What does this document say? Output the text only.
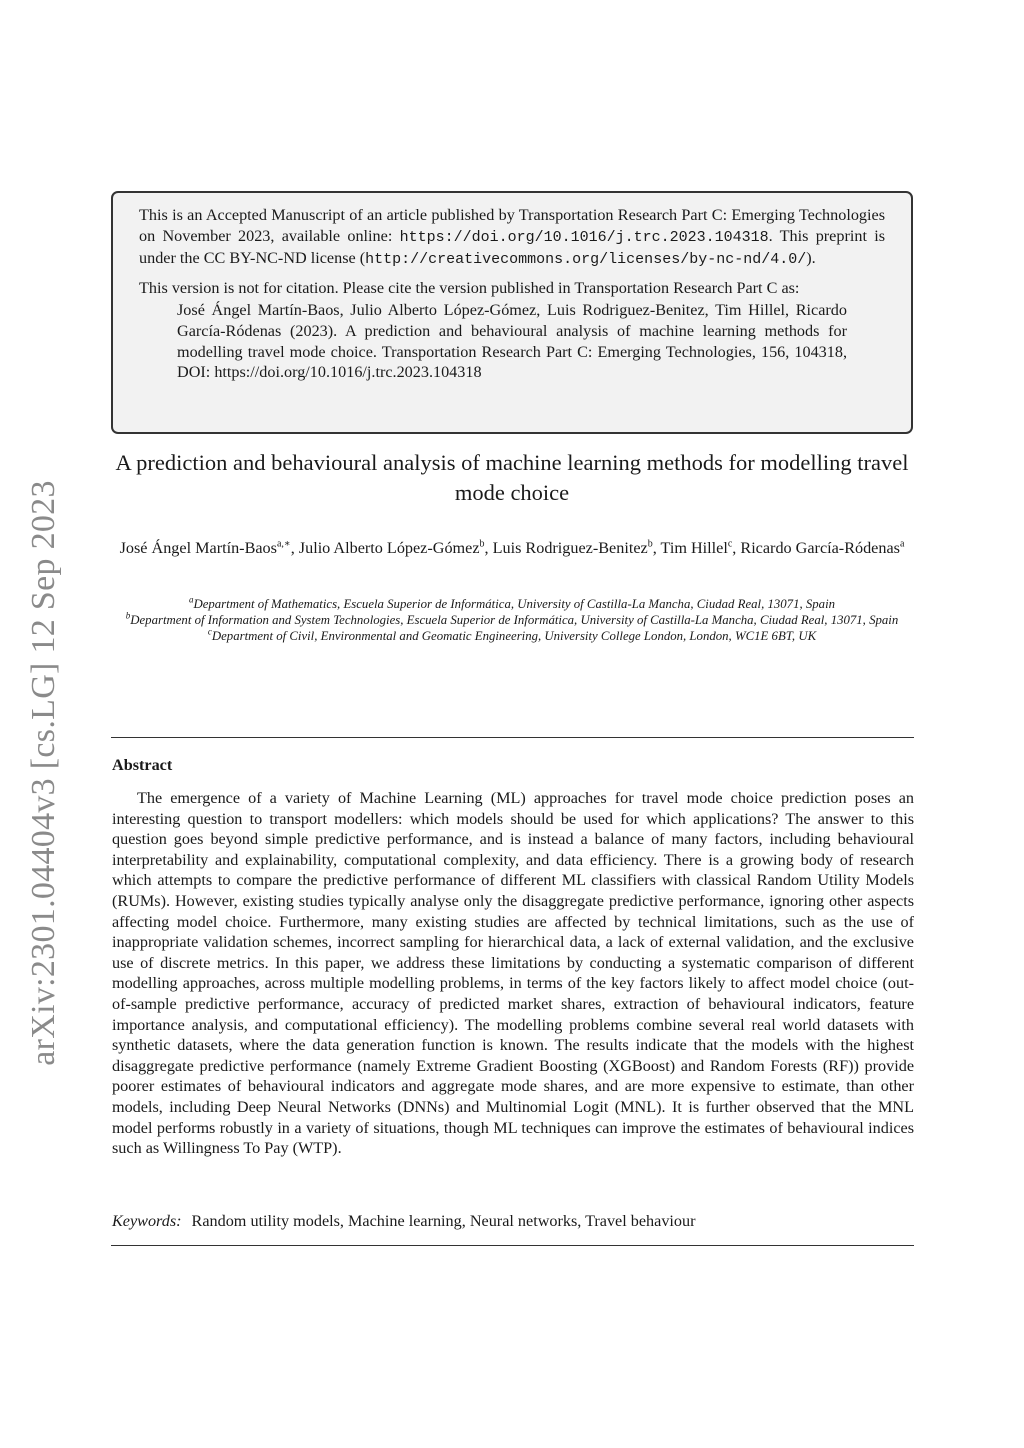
arXiv:2301.04404v3 [cs.LG] 12 Sep 2023

This is an Accepted Manuscript of an article published by Transportation Research Part C: Emerging Technologies on November 2023, available online: https://doi.org/10.1016/j.trc.2023.104318. This preprint is under the CC BY-NC-ND license (http://creativecommons.org/licenses/by-nc-nd/4.0/).

This version is not for citation. Please cite the version published in Transportation Research Part C as:

José Ángel Martín-Baos, Julio Alberto López-Gómez, Luis Rodriguez-Benitez, Tim Hillel, Ricardo García-Ródenas (2023). A prediction and behavioural analysis of machine learning methods for modelling travel mode choice. Transportation Research Part C: Emerging Technologies, 156, 104318, DOI: https://doi.org/10.1016/j.trc.2023.104318

A prediction and behavioural analysis of machine learning methods for modelling travel mode choice
José Ángel Martín-Baos$^{a,∗}$, Julio Alberto López-Gómez$^b$, Luis Rodriguez-Benitez$^b$, Tim Hillel$^c$, Ricardo García-Ródenas$^a$

$^a$Department of Mathematics, Escuela Superior de Informática, University of Castilla-La Mancha, Ciudad Real, 13071, Spain

$^b$Department of Information and System Technologies, Escuela Superior de Informática, University of Castilla-La Mancha, Ciudad Real, 13071, Spain

$^c$Department of Civil, Environmental and Geomatic Engineering, University College London, London, WC1E 6BT, UK

Abstract

The emergence of a variety of Machine Learning (ML) approaches for travel mode choice prediction poses an interesting question to transport modellers: which models should be used for which applications? The answer to this question goes beyond simple predictive performance, and is instead a balance of many factors, including behavioural interpretability and explainability, computational complexity, and data efficiency. There is a growing body of research which attempts to compare the predictive performance of different ML classifiers with classical Random Utility Models (RUMs). However, existing studies typically analyse only the disaggregate predictive performance, ignoring other aspects affecting model choice. Furthermore, many existing studies are affected by technical limitations, such as the use of inappropriate validation schemes, incorrect sampling for hierarchical data, a lack of external validation, and the exclusive use of discrete metrics. In this paper, we address these limitations by conducting a systematic comparison of different modelling approaches, across multiple modelling problems, in terms of the key factors likely to affect model choice (out-of-sample predictive performance, accuracy of predicted market shares, extraction of behavioural indicators, feature importance analysis, and computational efficiency). The modelling problems combine several real world datasets with synthetic datasets, where the data generation function is known. The results indicate that the models with the highest disaggregate predictive performance (namely Extreme Gradient Boosting (XGBoost) and Random Forests (RF)) provide poorer estimates of behavioural indicators and aggregate mode shares, and are more expensive to estimate, than other models, including Deep Neural Networks (DNNs) and Multinomial Logit (MNL). It is further observed that the MNL model performs robustly in a variety of situations, though ML techniques can improve the estimates of behavioural indices such as Willingness To Pay (WTP).

Keywords: Random utility models, Machine learning, Neural networks, Travel behaviour
